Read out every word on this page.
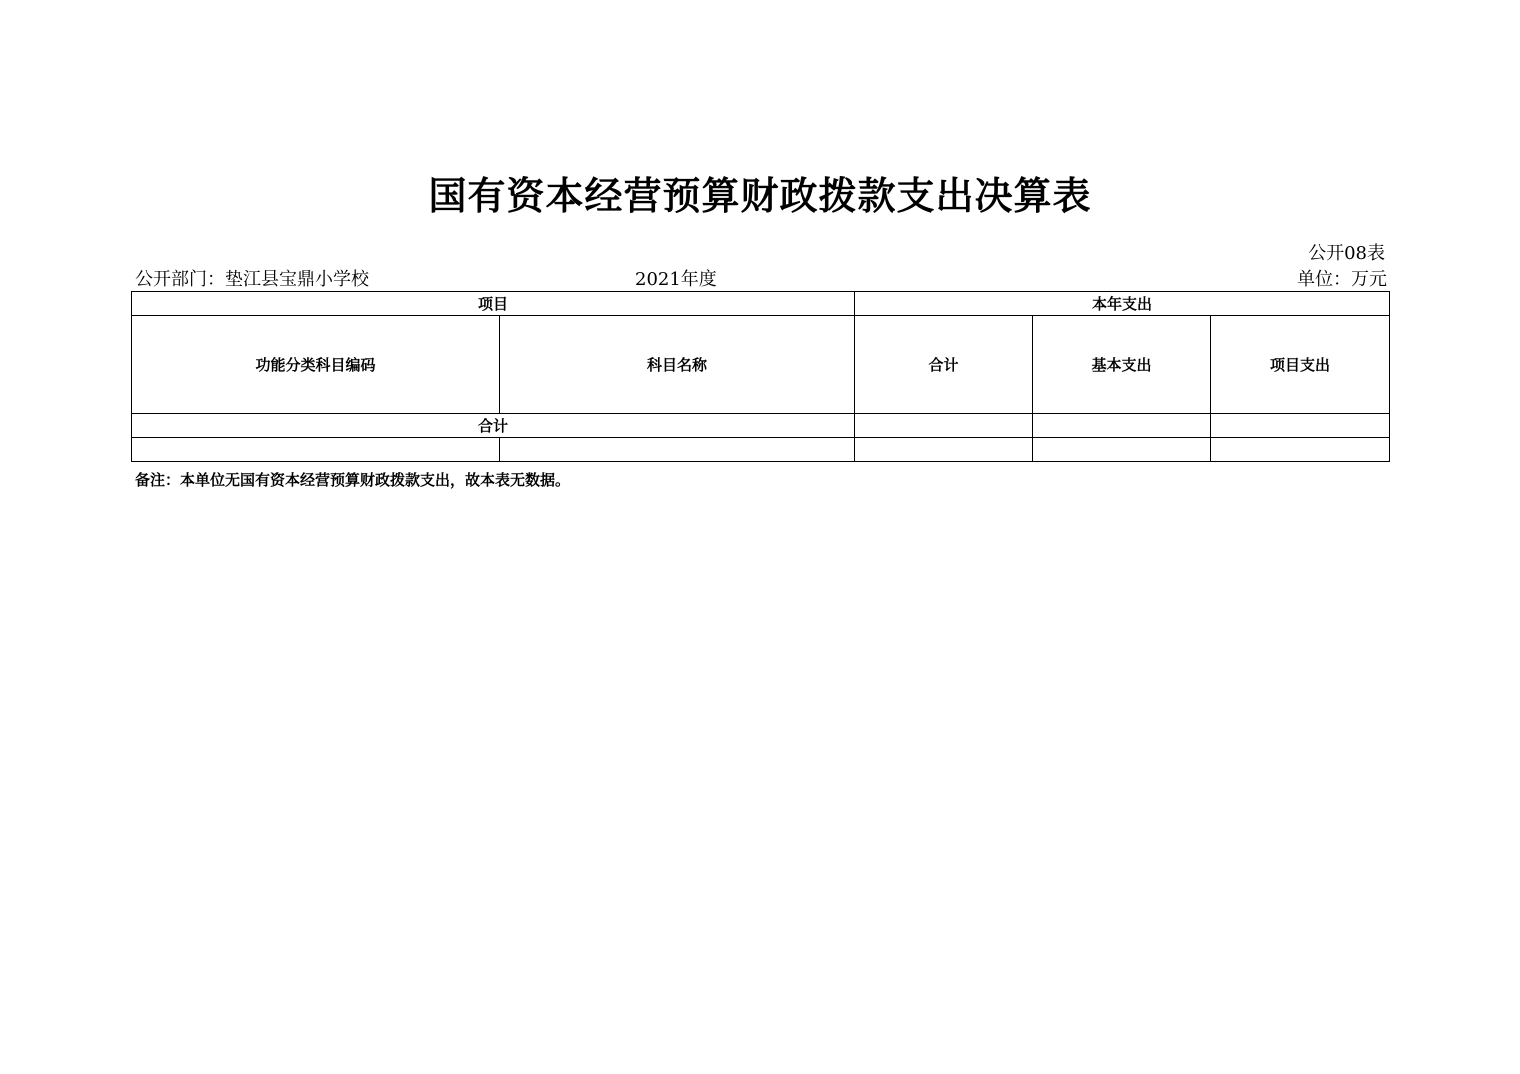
国有资本经营预算财政拨款支出决算表
公开08表
公开部门：垫江县宝鼎小学校	2021年度	单位：万元
项目		本年支出		
功能分类科目编码	科目名称	合计	基本支出	项目支出
合计				

备注：本单位无国有资本经营预算财政拨款支出，故本表无数据。
